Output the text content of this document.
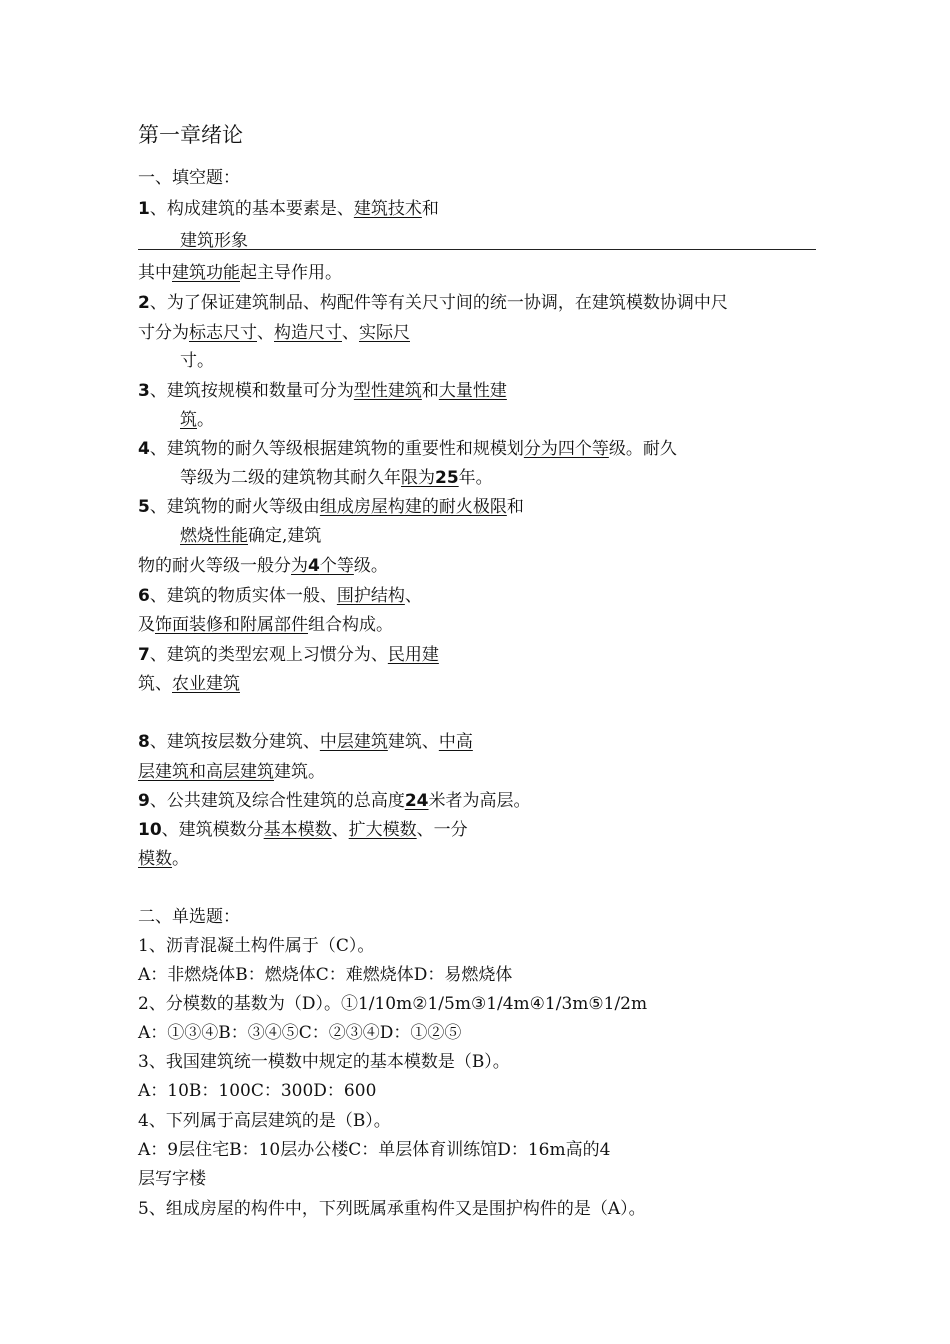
第一章绪论
一、填空题：
1、构成建筑的基本要素是、建筑技术和
建筑形象
其中建筑功能起主导作用。
2、为了保证建筑制品、构配件等有关尺寸间的统一协调，在建筑模数协调中尺
寸分为标志尺寸、构造尺寸、实际尺
寸。
3、建筑按规模和数量可分为型性建筑和大量性建
筑。
4、建筑物的耐久等级根据建筑物的重要性和规模划分为四个等级。耐久
等级为二级的建筑物其耐久年限为25年。
5、建筑物的耐火等级由组成房屋构建的耐火极限和
燃烧性能确定,建筑
物的耐火等级一般分为4个等级。
6、建筑的物质实体一般、围护结构、
及饰面装修和附属部件组合构成。
7、建筑的类型宏观上习惯分为、民用建
筑、农业建筑
8、建筑按层数分建筑、中层建筑建筑、中高
层建筑和高层建筑建筑。
9、公共建筑及综合性建筑的总高度24米者为高层。
10、建筑模数分基本模数、扩大模数、一分
模数。
二、单选题：
1、沥青混凝土构件属于（C）。
A：非燃烧体B：燃烧体C：难燃烧体D：易燃烧体
2、分模数的基数为（D）。①1/10m②1/5m③1/4m④1/3m⑤1/2m
A：①③④B：③④⑤C：②③④D：①②⑤
3、我国建筑统一模数中规定的基本模数是（B）。
A：10B：100C：300D：600
4、下列属于高层建筑的是（B）。
A：9层住宅B：10层办公楼C：单层体育训练馆D：16m高的4
层写字楼
5、组成房屋的构件中，下列既属承重构件又是围护构件的是（A）。
